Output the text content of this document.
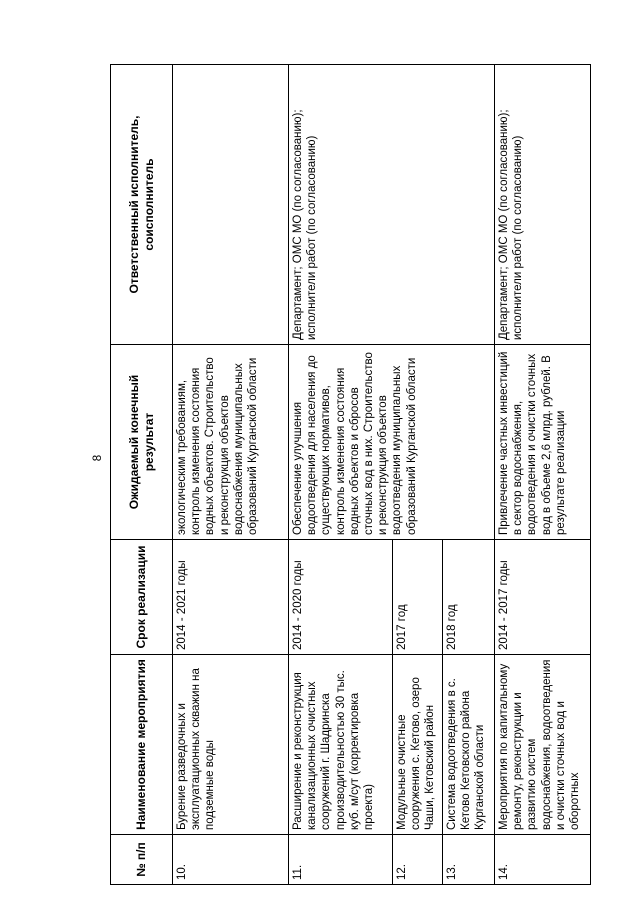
8
№ п/п	Наименование мероприятия	Срок реализации	Ожидаемый конечный результат	Ответственный исполнитель, соисполнитель
10.	Бурение разведочных и эксплуатационных скважин на подземные воды	2014 - 2021 годы	экологическим требованиям, контроль изменения состояния водных объектов. Строительство и реконструкция объектов водоснабжения муниципальных образований Курганской области	
11.	Расширение и реконструкция канализационных очистных сооружений г. Шадринска производительностью 30 тыс. куб. м/сут (корректировка проекта)	2014 - 2020 годы	Обеспечение улучшения водоотведения для населения до существующих нормативов, контроль изменения состояния водных объектов и сбросов сточных вод в них. Строительство и реконструкция объектов водоотведения муниципальных образований Курганской области	Департамент; ОМС МО (по согласованию); исполнители работ (по согласованию)
12.	Модульные очистные сооружения с. Кетово, озеро Чаши, Кетовский район	2017 год		
13.	Система водоотведения в с. Кетово Кетовского района Курганской области	2018 год		
14.	Мероприятия по капитальному ремонту, реконструкции и развитию систем водоснабжения, водоотведения и очистки сточных вод и оборотных	2014 - 2017 годы	Привлечение частных инвестиций в сектор водоснабжения, водоотведения и очистки сточных вод в объеме 2,6 млрд. рублей. В результате реализации	Департамент; ОМС МО (по согласованию); исполнители работ (по согласованию)
